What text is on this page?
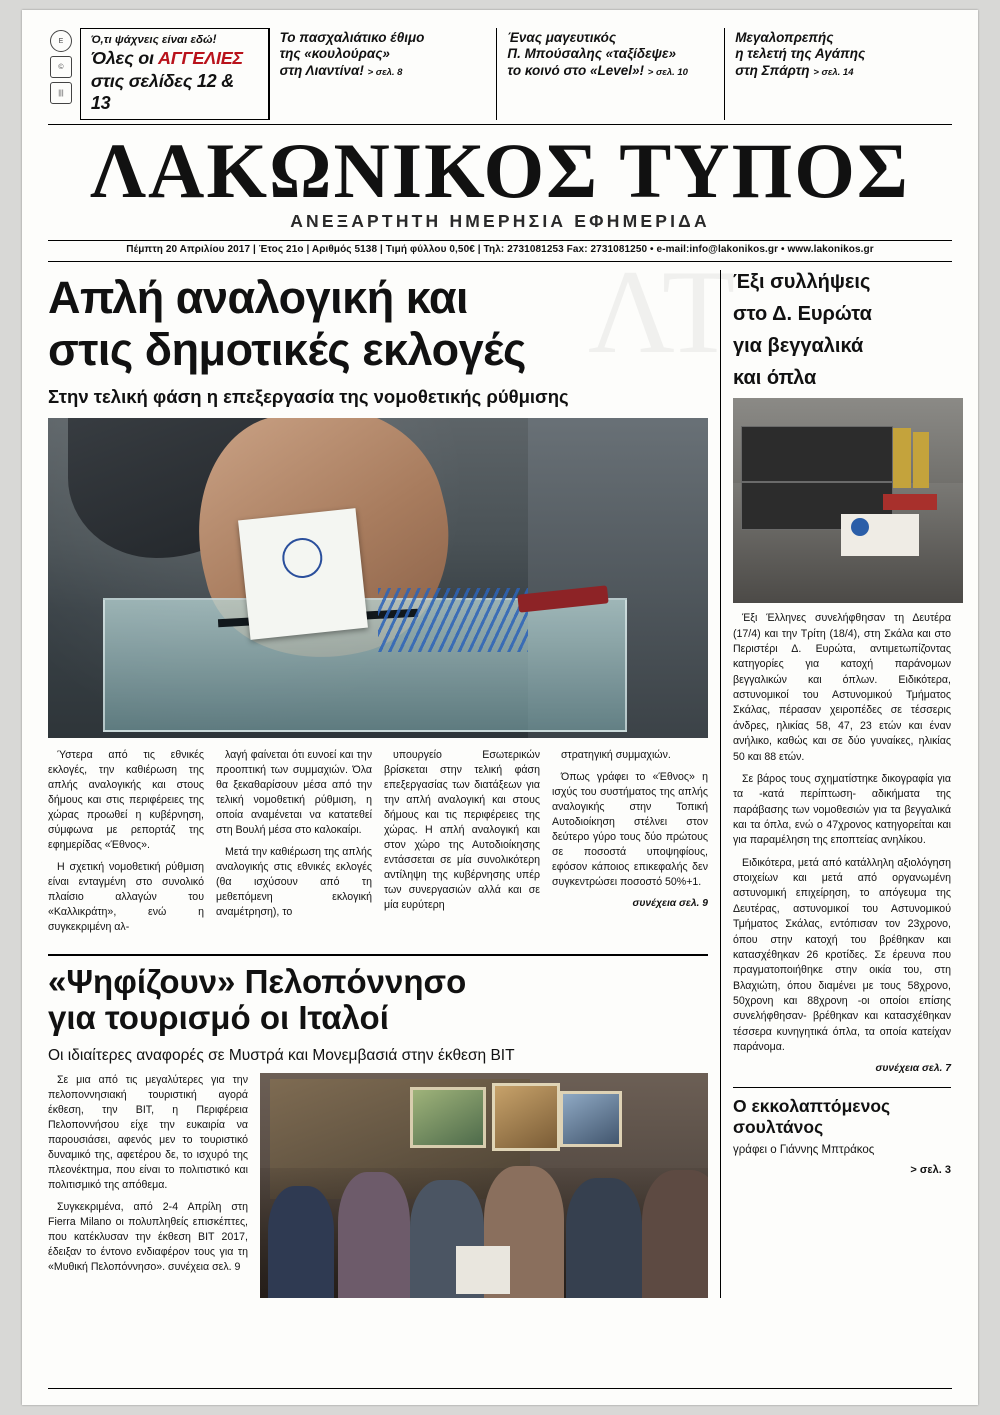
Ε
©
|||
Ό,τι ψάχνεις είναι εδώ!
Όλες οι ΑΓΓΕΛΙΕΣ
στις σελίδες 12 & 13
Το πασχαλιάτικο έθιμο
της «κουλούρας»
στη Λιαντίνα! > σελ. 8
Ένας μαγευτικός
Π. Μπούσαλης «ταξίδεψε»
το κοινό στο «Level»! > σελ. 10
Μεγαλοπρεπής
η τελετή της Αγάπης
στη Σπάρτη > σελ. 14
ΛΤ
ΛΑΚΩΝΙΚΟΣ ΤΥΠΟΣ
ΑΝΕΞΑΡΤΗΤΗ ΗΜΕΡΗΣΙΑ ΕΦΗΜΕΡΙΔΑ
Πέμπτη 20 Απριλίου 2017 | Έτος 21ο | Αριθμός 5138 | Τιμή φύλλου 0,50€ | Τηλ: 2731081253 Fax: 2731081250 • e-mail:info@lakonikos.gr • www.lakonikos.gr
Απλή αναλογική και
στις δημοτικές εκλογές
Στην τελική φάση η επεξεργασία της νομοθετικής ρύθμισης

Ύστερα από τις εθνικές εκλογές, την καθιέρωση της απλής αναλογικής και στους δήμους και στις περιφέρειες της χώρας προωθεί η κυβέρνηση, σύμφωνα με ρεπορτάζ της εφημερίδας «Έθνος».

Η σχετική νομοθετική ρύθμιση είναι ενταγμένη στο συνολικό πλαίσιο αλλαγών του «Καλλικράτη», ενώ η συγκεκριμένη αλ-

λαγή φαίνεται ότι ευνοεί και την προοπτική των συμμαχιών. Όλα θα ξεκαθαρίσουν μέσα από την τελική νομοθετική ρύθμιση, η οποία αναμένεται να κατατεθεί στη Βουλή μέσα στο καλοκαίρι.

Μετά την καθιέρωση της απλής αναλογικής στις εθνικές εκλογές (θα ισχύσουν από τη μεθεπόμενη εκλογική αναμέτρηση), το

υπουργείο Εσωτερικών βρίσκεται στην τελική φάση επεξεργασίας των διατάξεων για την απλή αναλογική και στους δήμους και τις περιφέρειες της χώρας. Η απλή αναλογική και στον χώρο της Αυτοδιοίκησης εντάσσεται σε μία συνολικότερη αντίληψη της κυβέρνησης υπέρ των συνεργασιών αλλά και σε μία ευρύτερη

στρατηγική συμμαχιών.

Όπως γράφει το «Έθνος» η ισχύς του συστήματος της απλής αναλογικής στην Τοπική Αυτοδιοίκηση στέλνει στον δεύτερο γύρο τους δύο πρώτους σε ποσοστά υποψηφίους, εφόσον κάποιος επικεφαλής δεν συγκεντρώσει ποσοστό 50%+1.

συνέχεια σελ. 9
«Ψηφίζουν» Πελοπόννησο
για τουρισμό οι Ιταλοί
Οι ιδιαίτερες αναφορές σε Μυστρά και Μονεμβασιά στην έκθεση ΒΙΤ

Σε μια από τις μεγαλύτερες για την πελοποννησιακή τουριστική αγορά έκθεση, την ΒΙΤ, η Περιφέρεια Πελοποννήσου είχε την ευκαιρία να παρουσιάσει, αφενός μεν το τουριστικό δυναμικό της, αφετέρου δε, το ισχυρό της πλεονέκτημα, που είναι το πολιτιστικό και πολιτισμικό της απόθεμα.

Συγκεκριμένα, από 2-4 Απρίλη στη Fierra Milano οι πολυπληθείς επισκέπτες, που κατέκλυσαν την έκθεση ΒΙΤ 2017, έδειξαν το έντονο ενδιαφέρον τους για τη «Μυθική Πελοπόννησο». συνέχεια σελ. 9

Έξι συλλήψεις
στο Δ. Ευρώτα
για βεγγαλικά
και όπλα

Έξι Έλληνες συνελήφθησαν τη Δευτέρα (17/4) και την Τρίτη (18/4), στη Σκάλα και στο Περιστέρι Δ. Ευρώτα, αντιμετωπίζοντας κατηγορίες για κατοχή παράνομων βεγγαλικών και όπλων. Ειδικότερα, αστυνομικοί του Αστυνομικού Τμήματος Σκάλας, πέρασαν χειροπέδες σε τέσσερις άνδρες, ηλικίας 58, 47, 23 ετών και έναν ανήλικο, καθώς και σε δύο γυναίκες, ηλικίας 50 και 88 ετών.

Σε βάρος τους σχηματίστηκε δικογραφία για τα -κατά περίπτωση- αδικήματα της παράβασης των νομοθεσιών για τα βεγγαλικά και τα όπλα, ενώ ο 47χρονος κατηγορείται και για παραμέληση της εποπτείας ανηλίκου.

Ειδικότερα, μετά από κατάλληλη αξιολόγηση στοιχείων και μετά από οργανωμένη αστυνομική επιχείρηση, το απόγευμα της Δευτέρας, αστυνομικοί του Αστυνομικού Τμήματος Σκάλας, εντόπισαν τον 23χρονο, όπου στην κατοχή του βρέθηκαν και κατασχέθηκαν 26 κροτίδες. Σε έρευνα που πραγματοποιήθηκε στην οικία του, στη Βλαχιώτη, όπου διαμένει με τους 58χρονο, 50χρονη και 88χρονη -οι οποίοι επίσης συνελήφθησαν- βρέθηκαν και κατασχέθηκαν τέσσερα κυνηγητικά όπλα, τα οποία κατείχαν παράνομα.

συνέχεια σελ. 7
Ο εκκολαπτόμενος
σουλτάνος
γράφει ο Γιάννης Μπτράκος
> σελ. 3
